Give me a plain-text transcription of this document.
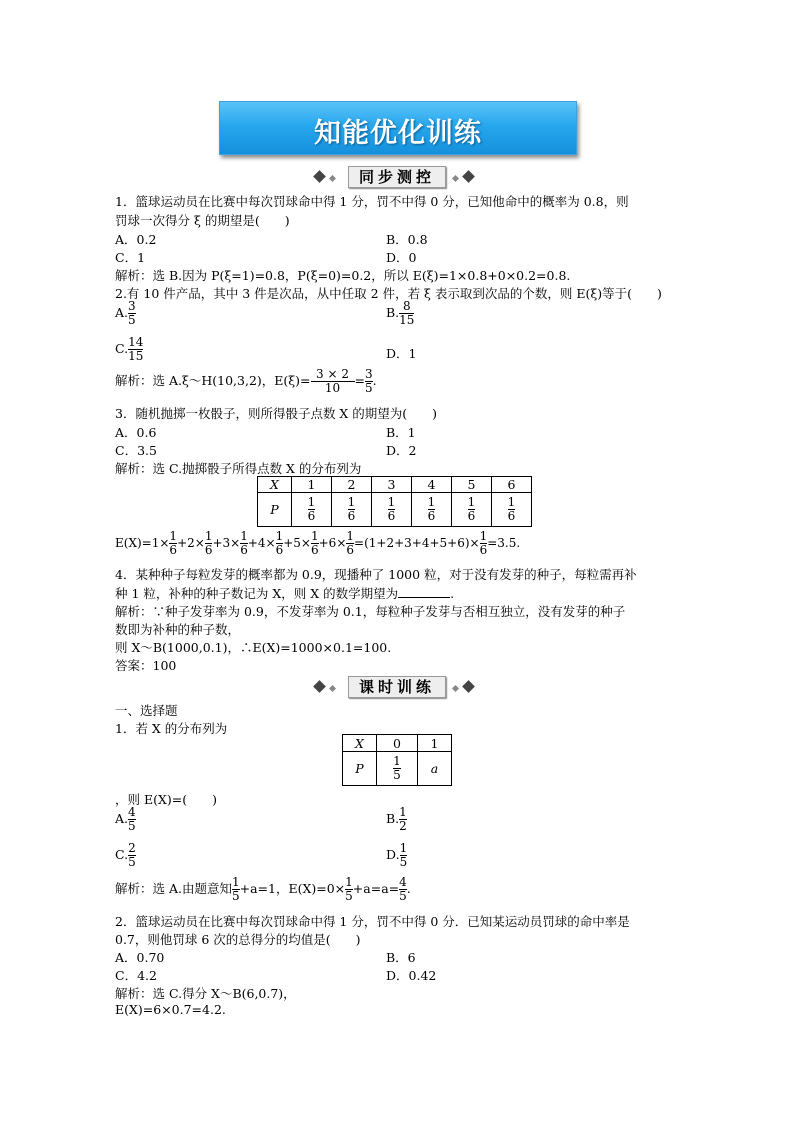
知能优化训练
同步测控
1．篮球运动员在比赛中每次罚球命中得 1 分，罚不中得 0 分，已知他命中的概率为 0.8，则
罚球一次得分 ξ 的期望是(　　)
A．0.2	B．0.8
C．1	D．0
解析：选 B.因为 P(ξ=1)=0.8，P(ξ=0)=0.2，所以 E(ξ)=1×0.8+0×0.2=0.8.
2.有 10 件产品，其中 3 件是次品，从中任取 2 件，若 ξ 表示取到次品的个数，则 E(ξ)等于(　　)
A. $\frac{3}{5}$	B. $\frac{8}{15}$
C. $\frac{14}{15}$	D．1
解析：选 A.ξ～H(10,3,2)，$E(\xi)= \frac{3 \times 2}{10} = \frac{3}{5}$ .
3．随机抛掷一枚骰子，则所得骰子点数 X 的期望为(　　)
A．0.6	B．1
C．3.5	D．2
解析：选 C.抛掷骰子所得点数 X 的分布列为
X	1	2	3	4	5	6
P	$\frac{1}{6}$	$\frac{1}{6}$	$\frac{1}{6}$	$\frac{1}{6}$	$\frac{1}{6}$	$\frac{1}{6}$
$E(X)=1\times \frac{1}{6} +2\times \frac{1}{6} +3\times \frac{1}{6} +4\times \frac{1}{6} +5\times \frac{1}{6} +6\times \frac{1}{6} =(1+2+3+4+5+6)\times \frac{1}{6} =3.5$.
4．某种种子每粒发芽的概率都为 0.9，现播种了 1000 粒，对于没有发芽的种子，每粒需再补
种 1 粒，补种的种子数记为 X，则 X 的数学期望为	.
解析：∵种子发芽率为 0.9，不发芽率为 0.1，每粒种子发芽与否相互独立，没有发芽的种子
数即为补种的种子数，
则 X～B(1000,0.1)，∴E(X)=1000×0.1=100.
答案：100
课时训练
一、选择题
1．若 X 的分布列为
X	0	1
P	$\frac{1}{5}$	a
，则 E(X)=(　　)
A. $\frac{4}{5}$	B. $\frac{1}{2}$
C. $\frac{2}{5}$	D. $\frac{1}{5}$
解析：选 A.由题意知 $\frac{1}{5} +a=1$，$E(X)=0\times \frac{1}{5} +a=a= \frac{4}{5}$ .
2．篮球运动员在比赛中每次罚球命中得 1 分，罚不中得 0 分．已知某运动员罚球的命中率是
0.7，则他罚球 6 次的总得分的均值是(　　)
A．0.70	B．6
C．4.2	D．0.42
解析：选 C.得分 X～B(6,0.7)，
E(X)=6×0.7=4.2.
